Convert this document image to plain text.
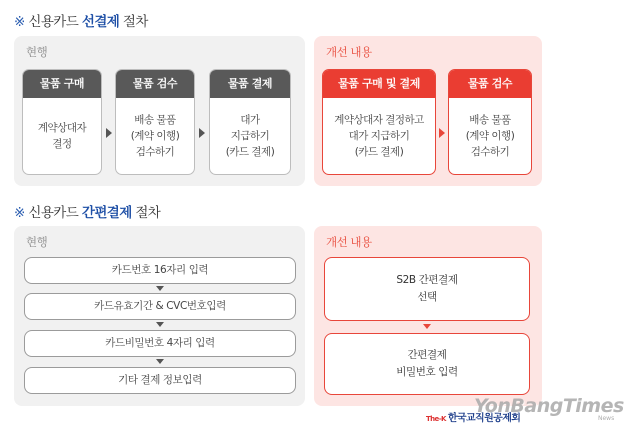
※ 신용카드 선결제 절차
현행
물품 구매
계약상대자
결정
물품 검수
배송 물품
(계약 이행)
검수하기
물품 결제
대가
지급하기
(카드 결제)
개선 내용
물품 구매 및 결제
계약상대자 결정하고
대가 지급하기
(카드 결제)
물품 검수
배송 물품
(계약 이행)
검수하기
※ 신용카드 간편결제 절차
현행
카드번호 16자리 입력
카드유효기간 & CVC번호입력
카드비밀번호 4자리 입력
기타 결제 정보입력
개선 내용
S2B 간편결제
선택
간편결제
비밀번호 입력
The-K 한국교직원공제회
YonBangTimes
News
